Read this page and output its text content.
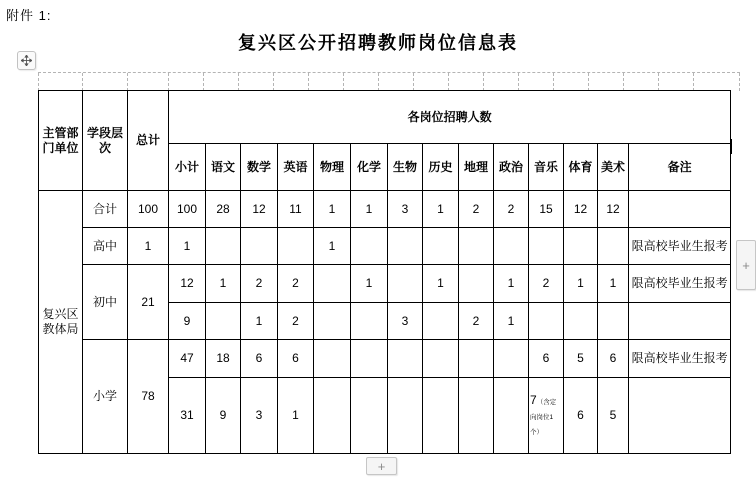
附件 1:
复兴区公开招聘教师岗位信息表
主管部门单位	学段层次	总计	各岗位招聘人数													
			小计	语文	数学	英语	物理	化学	生物	历史	地理	政治	音乐	体育	美术	备注
复兴区教体局	合计	100	100	28	12	11	1	1	3	1	2	2	15	12	12	
	高中	1	1				1									限高校毕业生报考
	初中	21	12	1	2	2		1		1		1	2	1	1	限高校毕业生报考
			9		1	2			3		2	1				
	小学	78	47	18	6	6							6	5	6	限高校毕业生报考
			31	9	3	1							7（含定向岗位1个）	6	5	
+
+
